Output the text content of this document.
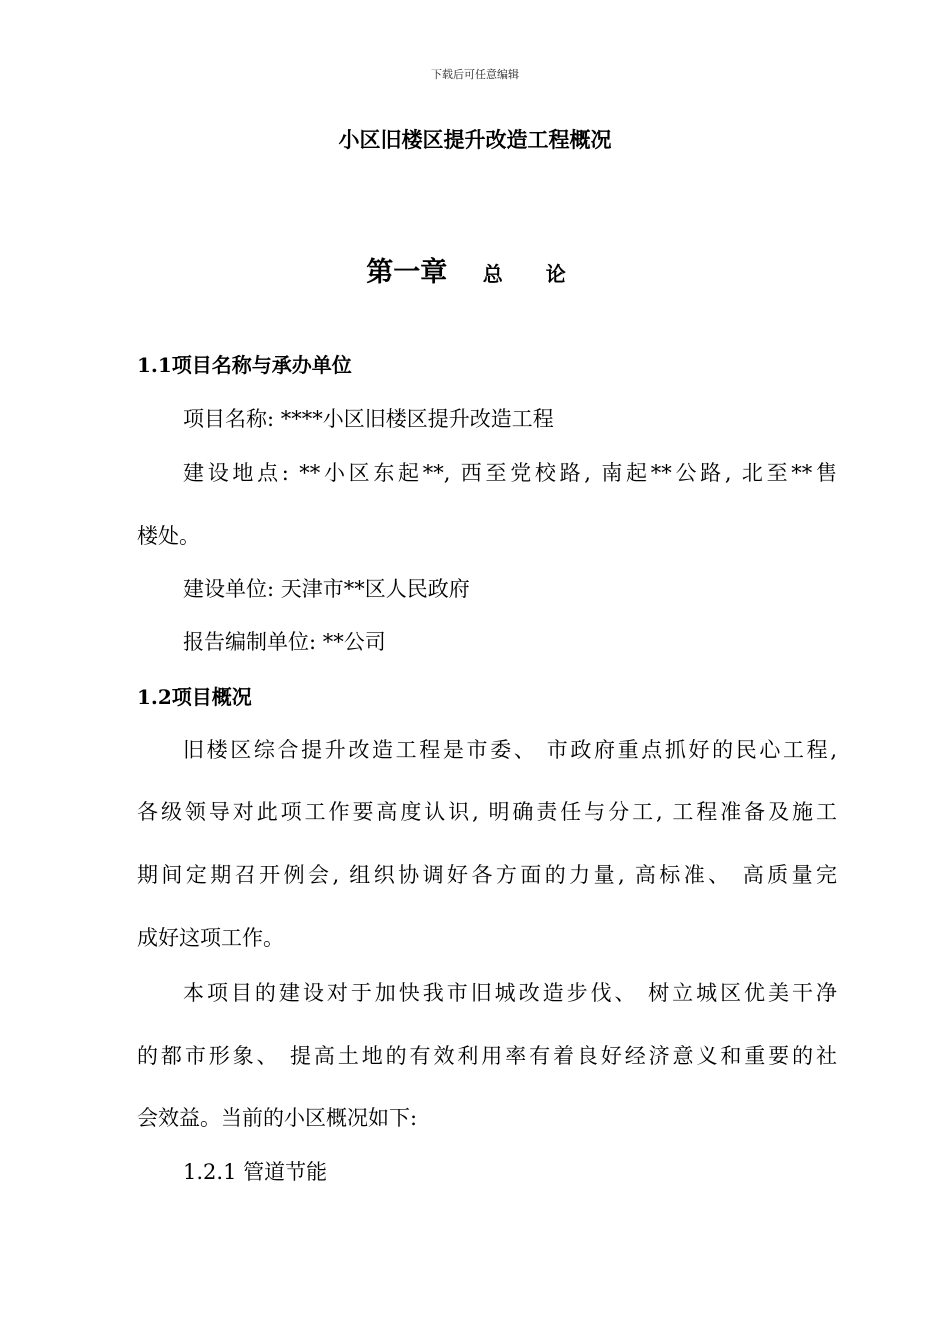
下载后可任意编辑
小区旧楼区提升改造工程概况
第一章 总 论
1.1项目名称与承办单位
项目名称: ****小区旧楼区提升改造工程
建设地点: **小区东起**, 西至党校路, 南起**公路, 北至**售
楼处。
建设单位: 天津市**区人民政府
报告编制单位: **公司
1.2项目概况
旧楼区综合提升改造工程是市委、 市政府重点抓好的民心工程,
各级领导对此项工作要高度认识, 明确责任与分工, 工程准备及施工
期间定期召开例会, 组织协调好各方面的力量, 高标准、 高质量完
成好这项工作。
本项目的建设对于加快我市旧城改造步伐、 树立城区优美干净
的都市形象、 提高土地的有效利用率有着良好经济意义和重要的社
会效益。当前的小区概况如下:
1.2.1 管道节能
